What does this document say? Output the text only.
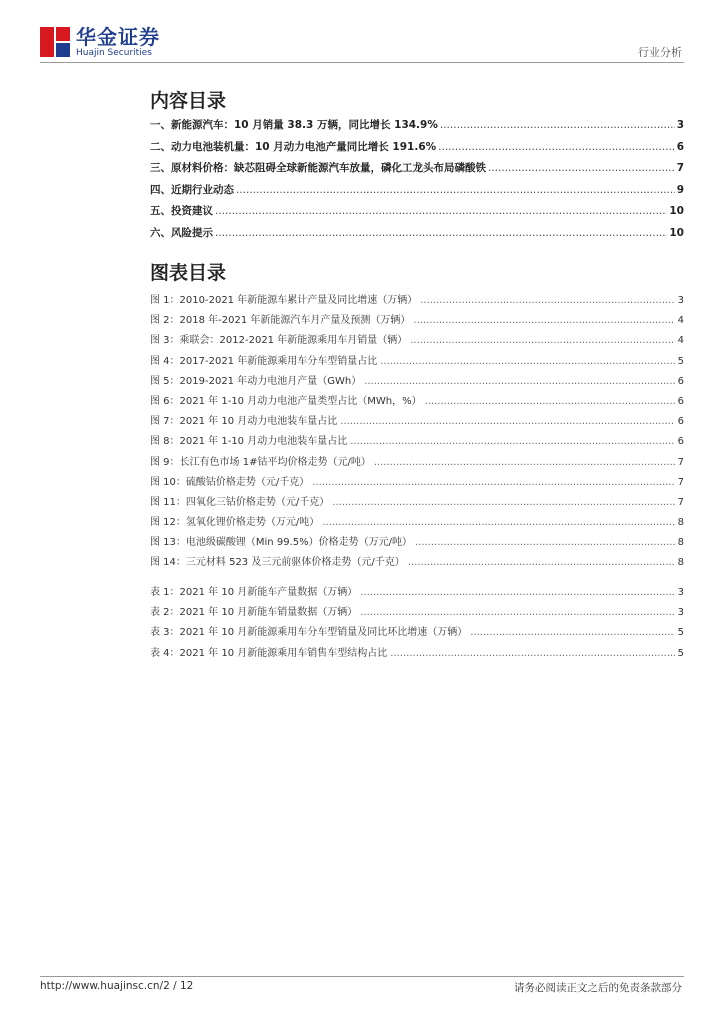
华金证券
Huajin Securities	行业分析
内容目录
一、新能源汽车：10 月销量 38.3 万辆，同比增长 134.9% .....	3
二、动力电池装机量：10 月动力电池产量同比增长 191.6% .....	6
三、原材料价格：缺芯阻碍全球新能源汽车放量，磷化工龙头布局磷酸铁 .....	7
四、近期行业动态 .....	9
五、投资建议 .....	10
六、风险提示 .....	10
图表目录
图 1：2010-2021 年新能源车累计产量及同比增速（万辆） .....	3
图 2：2018 年-2021 年新能源汽车月产量及预测（万辆） .....	4
图 3：乘联会：2012-2021 年新能源乘用车月销量（辆） .....	4
图 4：2017-2021 年新能源乘用车分车型销量占比 .....	5
图 5：2019-2021 年动力电池月产量（GWh） .....	6
图 6：2021 年 1-10 月动力电池产量类型占比（MWh，%） .....	6
图 7：2021 年 10 月动力电池装车量占比 .....	6
图 8：2021 年 1-10 月动力电池装车量占比 .....	6
图 9：长江有色市场 1#钴平均价格走势（元/吨） .....	7
图 10：硫酸钴价格走势（元/千克） .....	7
图 11：四氧化三钴价格走势（元/千克） .....	7
图 12：氢氧化锂价格走势（万元/吨） .....	8
图 13：电池级碳酸锂（Min 99.5%）价格走势（万元/吨） .....	8
图 14：三元材料 523 及三元前驱体价格走势（元/千克） .....	8
表 1：2021 年 10 月新能车产量数据（万辆） .....	3
表 2：2021 年 10 月新能车销量数据（万辆） .....	3
表 3：2021 年 10 月新能源乘用车分车型销量及同比环比增速（万辆） .....	5
表 4：2021 年 10 月新能源乘用车销售车型结构占比 .....	5
http://www.huajinsc.cn/2 / 12	请务必阅读正文之后的免责条款部分
